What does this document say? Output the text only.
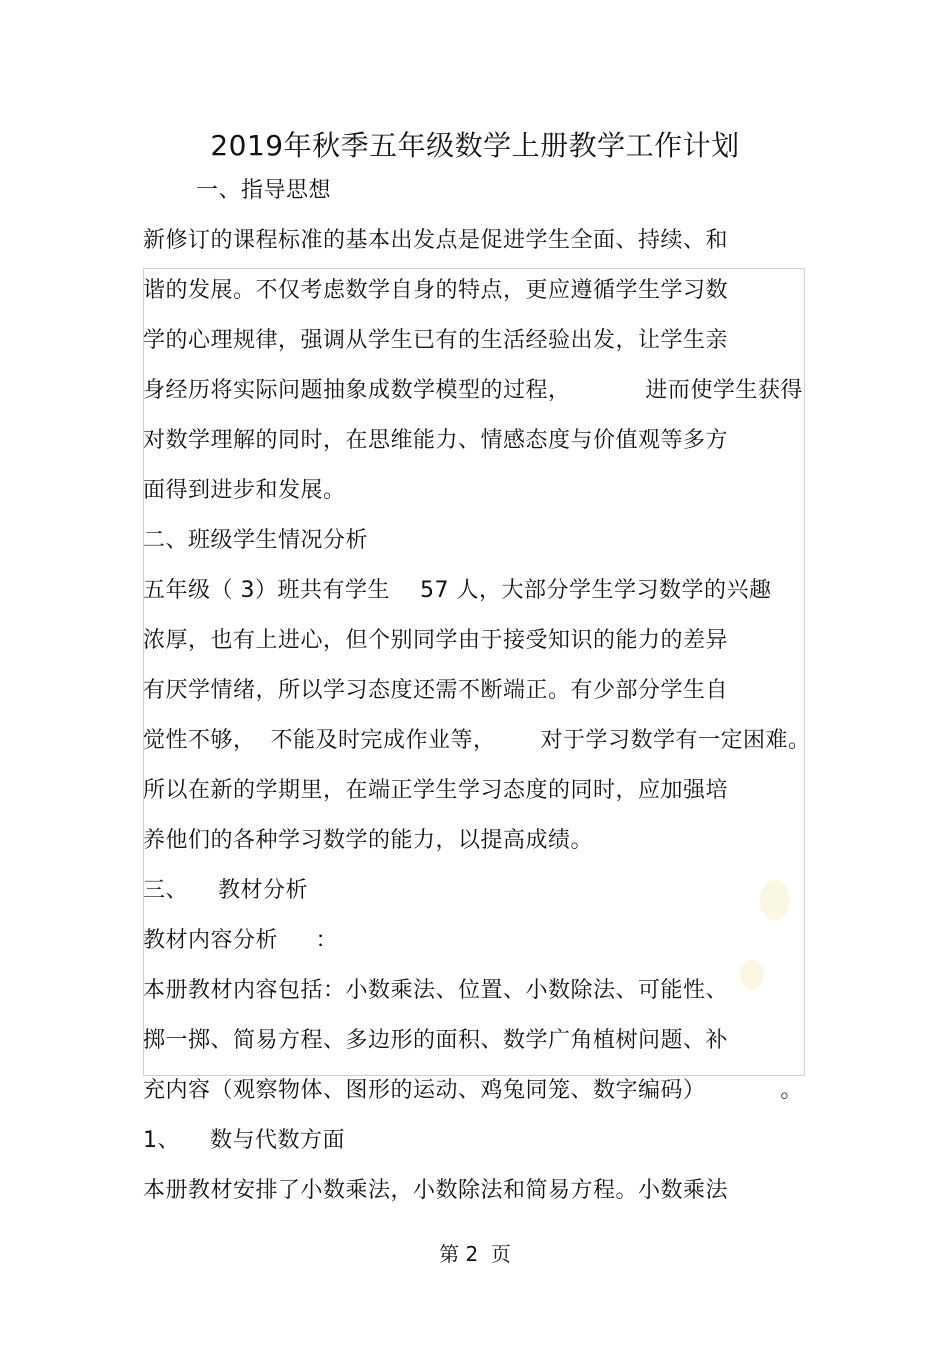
2019年秋季五年级数学上册教学工作计划
一、指导思想
新修订的课程标准的基本出发点是促进学生全面、持续、和
谐的发展。不仅考虑数学自身的特点，更应遵循学生学习数
学的心理规律，强调从学生已有的生活经验出发，让学生亲
身经历将实际问题抽象成数学模型的过程，          进而使学生获得
对数学理解的同时，在思维能力、情感态度与价值观等多方
面得到进步和发展。
二、班级学生情况分析
五年级（ 3）班共有学生    57 人，大部分学生学习数学的兴趣
浓厚，也有上进心，但个别同学由于接受知识的能力的差异
有厌学情绪，所以学习态度还需不断端正。有少部分学生自
觉性不够，  不能及时完成作业等，      对于学习数学有一定困难。
所以在新的学期里，在端正学生学习态度的同时，应加强培
养他们的各种学习数学的能力，以提高成绩。
三、    教材分析
教材内容分析     ：
本册教材内容包括：小数乘法、位置、小数除法、可能性、
掷一掷、简易方程、多边形的面积、数学广角植树问题、补
充内容（观察物体、图形的运动、鸡兔同笼、数字编码）          。
1、    数与代数方面
本册教材安排了小数乘法，小数除法和简易方程。小数乘法
第 2  页
